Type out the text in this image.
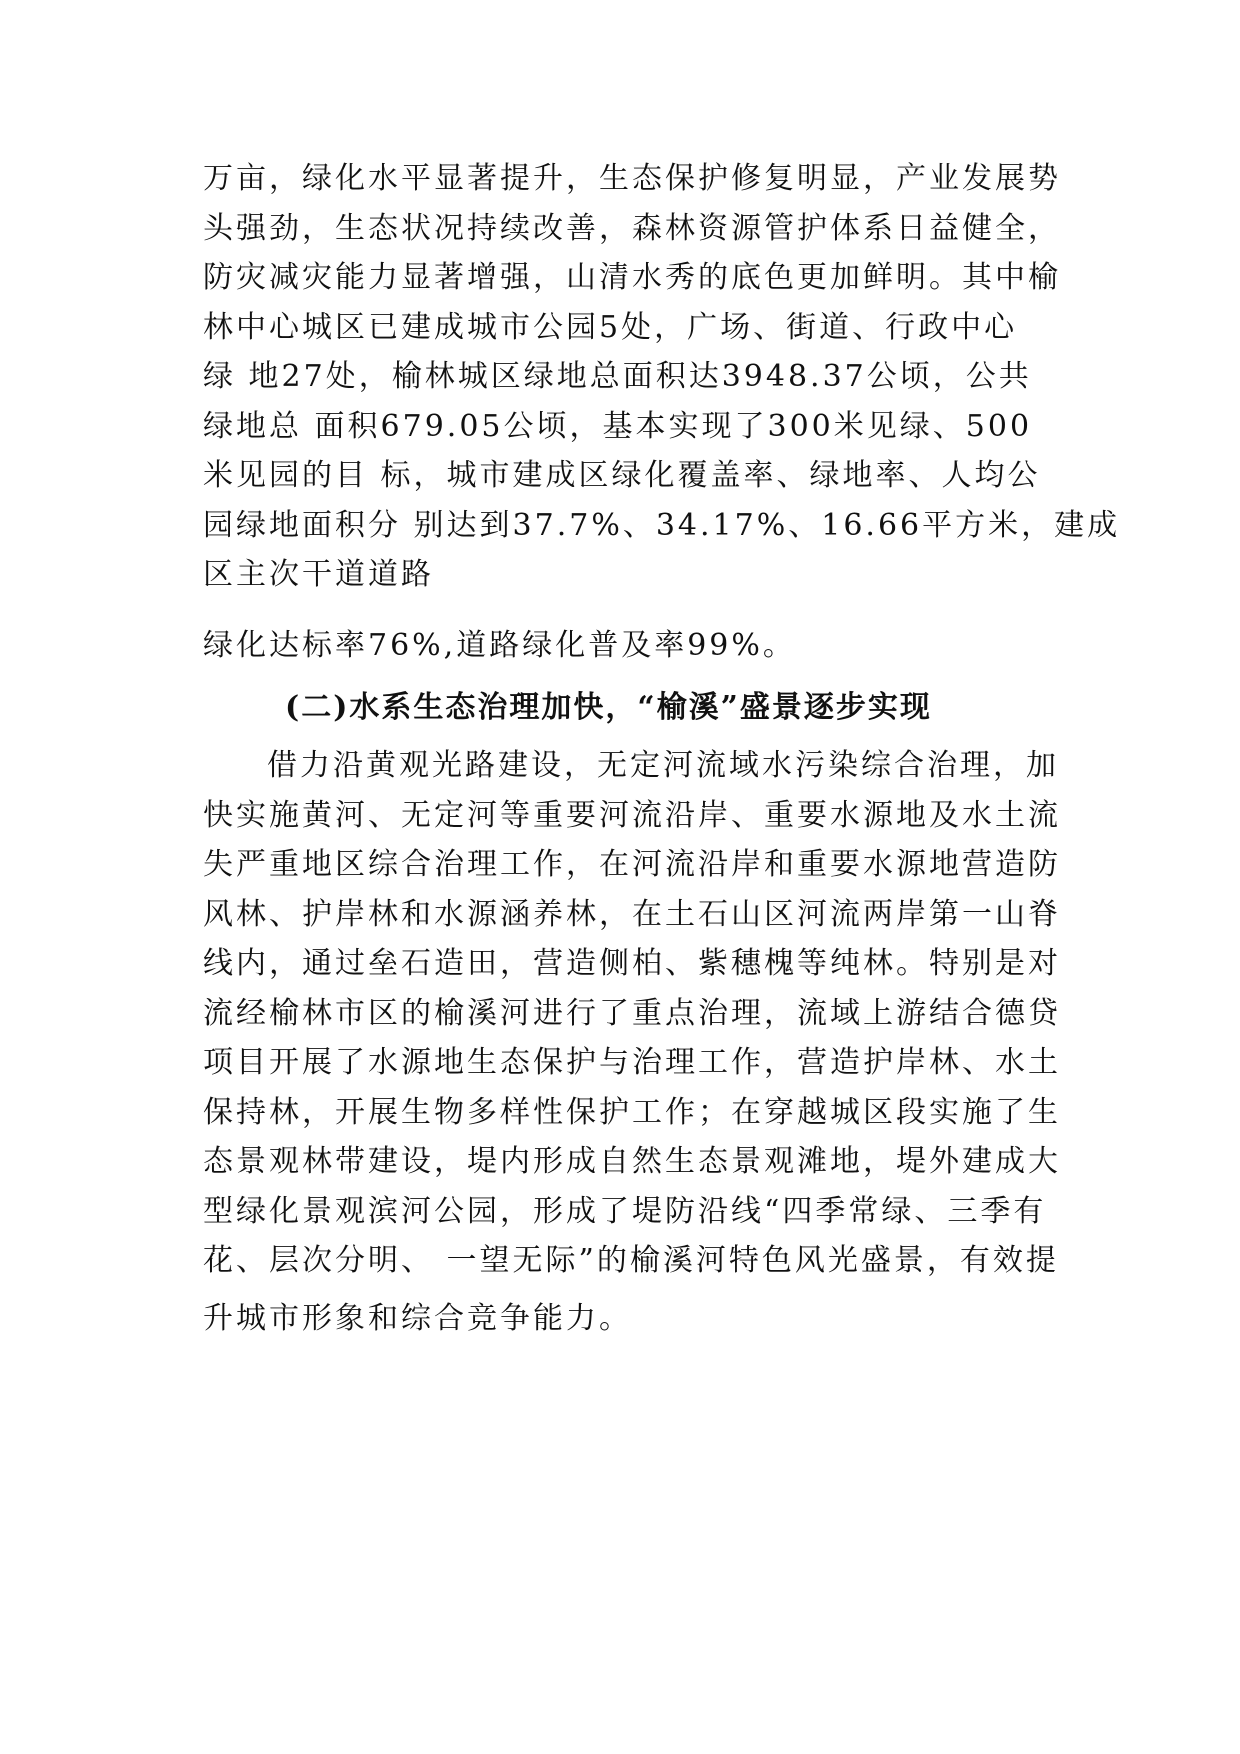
万亩，绿化水平显著提升，生态保护修复明显，产业发展势
头强劲，生态状况持续改善，森林资源管护体系日益健全，
防灾减灾能力显著增强，山清水秀的底色更加鲜明。其中榆
林中心城区已建成城市公园5处，广场、街道、行政中心
绿 地27处，榆林城区绿地总面积达3948.37公顷，公共
绿地总 面积679.05公顷，基本实现了300米见绿、500
米见园的目 标，城市建成区绿化覆盖率、绿地率、人均公
园绿地面积分 别达到37.7%、34.17%、16.66平方米，建成
区主次干道道路
绿化达标率76%,道路绿化普及率99%。
(二)水系生态治理加快，“榆溪”盛景逐步实现
借力沿黄观光路建设，无定河流域水污染综合治理，加
快实施黄河、无定河等重要河流沿岸、重要水源地及水土流
失严重地区综合治理工作，在河流沿岸和重要水源地营造防
风林、护岸林和水源涵养林，在土石山区河流两岸第一山脊
线内，通过垒石造田，营造侧柏、紫穗槐等纯林。特别是对
流经榆林市区的榆溪河进行了重点治理，流域上游结合德贷
项目开展了水源地生态保护与治理工作，营造护岸林、水土
保持林，开展生物多样性保护工作；在穿越城区段实施了生
态景观林带建设，堤内形成自然生态景观滩地，堤外建成大
型绿化景观滨河公园，形成了堤防沿线“四季常绿、三季有
花、层次分明、 一望无际”的榆溪河特色风光盛景，有效提
升城市形象和综合竞争能力。
